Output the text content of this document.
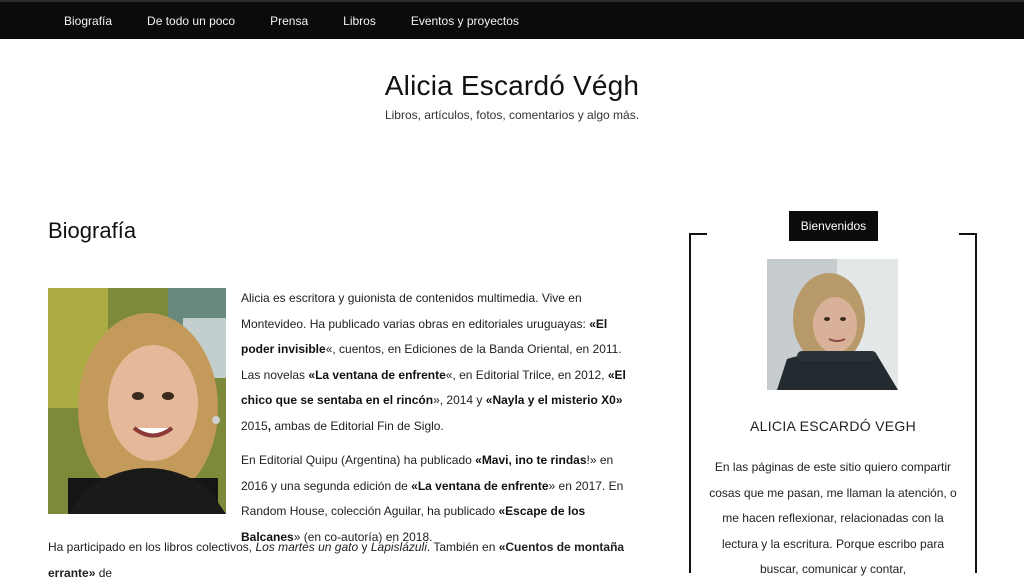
Biografía	De todo un poco	Prensa	Libros	Eventos y proyectos
Alicia Escardó Végh
Libros, artículos, fotos, comentarios y algo más.
Biografía

Alicia es escritora y guionista de contenidos multimedia. Vive en Montevideo. Ha publicado varias obras en editoriales uruguayas: «El poder invisible«, cuentos, en Ediciones de la Banda Oriental, en 2011. Las novelas «La ventana de enfrente«, en Editorial Trilce, en 2012, «El chico que se sentaba en el rincón», 2014 y «Nayla y el misterio X0» 2015, ambas de Editorial Fin de Siglo.

En Editorial Quipu (Argentina) ha publicado «Mavi, ino te rindas!» en 2016 y una segunda edición de «La ventana de enfrente» en 2017. En Random House, colección Aguilar, ha publicado «Escape de los Balcanes» (en co-autoría) en 2018.

Ha participado en los libros colectivos, Los martes un gato y Lapislázuli. También en «Cuentos de montaña errante» de
Bienvenidos
ALICIA ESCARDÓ VEGH
En las páginas de este sitio quiero compartir cosas que me pasan, me llaman la atención, o me hacen reflexionar, relacionadas con la lectura y la escritura. Porque escribo para buscar, comunicar y contar,
